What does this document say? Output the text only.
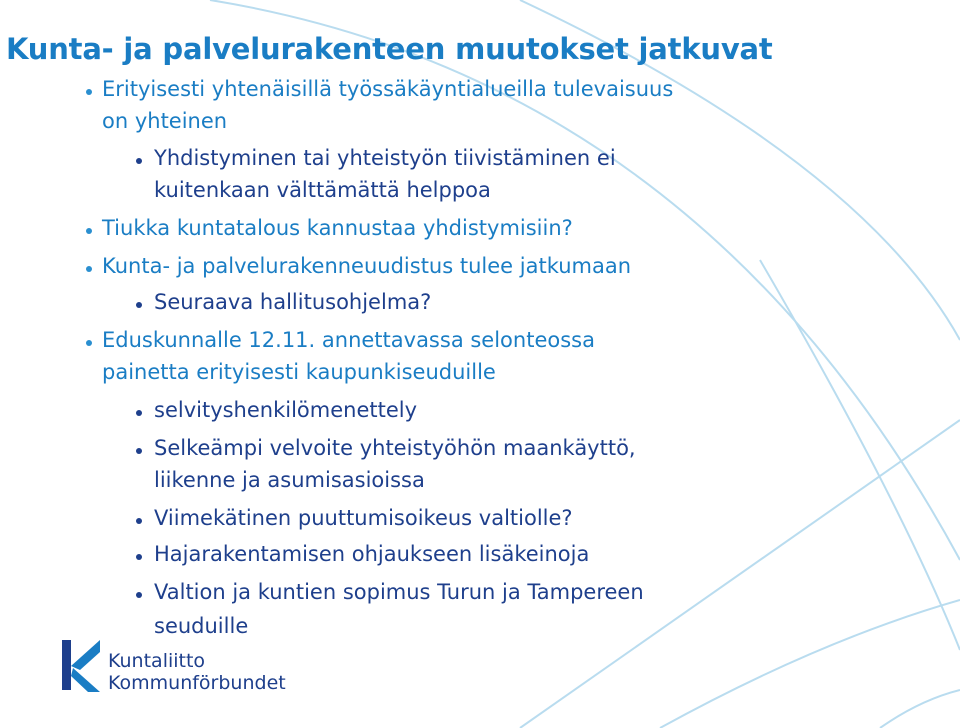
Kunta- ja palvelurakenteen muutokset jatkuvat

Erityisesti yhtenäisillä työssäkäyntialueilla tulevaisuus

on yhteinen

Yhdistyminen tai yhteistyön tiivistäminen ei

kuitenkaan välttämättä helppoa

Tiukka kuntatalous kannustaa yhdistymisiin?

Kunta- ja palvelurakenneuudistus tulee jatkumaan

Seuraava hallitusohjelma?

Eduskunnalle 12.11. annettavassa selonteossa

painetta erityisesti kaupunkiseuduille

selvityshenkilömenettely

Selkeämpi velvoite yhteistyöhön maankäyttö,

liikenne ja asumisasioissa

Viimekätinen puuttumisoikeus valtiolle?

Hajarakentamisen ohjaukseen lisäkeinoja

Valtion ja kuntien sopimus Turun ja Tampereen

seuduille

Kuntaliitto

Kommunförbundet
